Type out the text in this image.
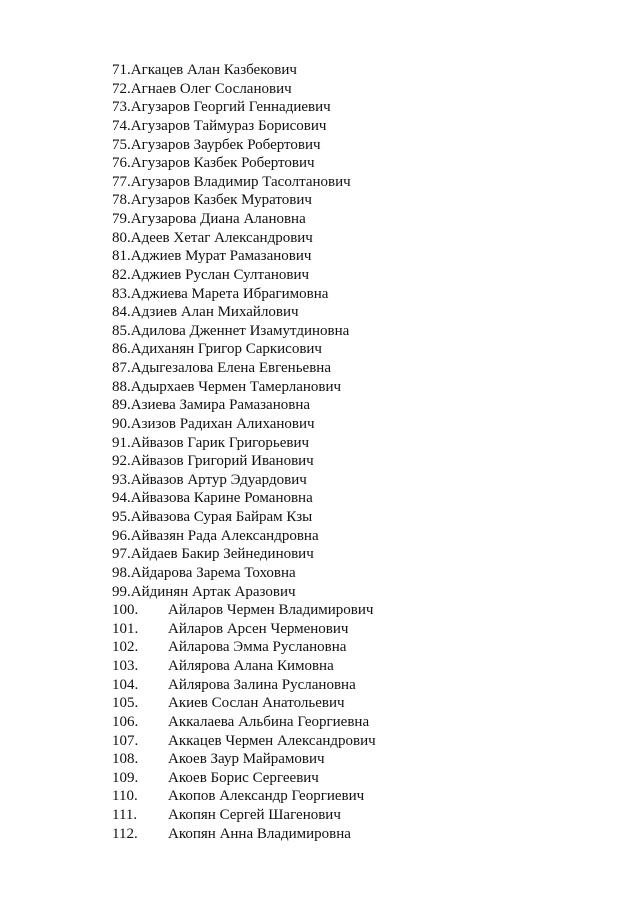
71. Агкацев Алан Казбекович
72. Агнаев Олег Сосланович
73. Агузаров Георгий Геннадиевич
74. Агузаров Таймураз Борисович
75. Агузаров Заурбек Робертович
76. Агузаров Казбек Робертович
77. Агузаров Владимир Тасолтанович
78. Агузаров Казбек Муратович
79. Агузарова Диана Алановна
80. Адеев Хетаг Александрович
81. Аджиев Мурат Рамазанович
82. Аджиев Руслан Султанович
83. Аджиева Марета Ибрагимовна
84. Адзиев Алан Михайлович
85. Адилова Дженнет Изамутдиновна
86. Адиханян Григор Саркисович
87. Адыгезалова Елена Евгеньевна
88. Адырхаев Чермен Тамерланович
89. Азиева Замира Рамазановна
90. Азизов Радихан Алиханович
91. Айвазов Гарик Григорьевич
92. Айвазов Григорий Иванович
93. Айвазов Артур Эдуардович
94. Айвазова Карине Романовна
95. Айвазова Сурая Байрам Кзы
96. Айвазян Рада Александровна
97. Айдаев Бакир Зейнединович
98. Айдарова Зарема Тоховна
99. Айдинян Артак Аразович
100.	Айларов Чермен Владимирович
101.	Айларов Арсен Черменович
102.	Айларова Эмма Руслановна
103.	Айлярова Алана Кимовна
104.	Айлярова Залина Руслановна
105.	Акиев Сослан Анатольевич
106.	Аккалаева Альбина Георгиевна
107.	Аккацев Чермен Александрович
108.	Акоев Заур Майрамович
109.	Акоев Борис Сергеевич
110.	Акопов Александр Георгиевич
111.	Акопян Сергей Шагенович
112.	Акопян Анна Владимировна
